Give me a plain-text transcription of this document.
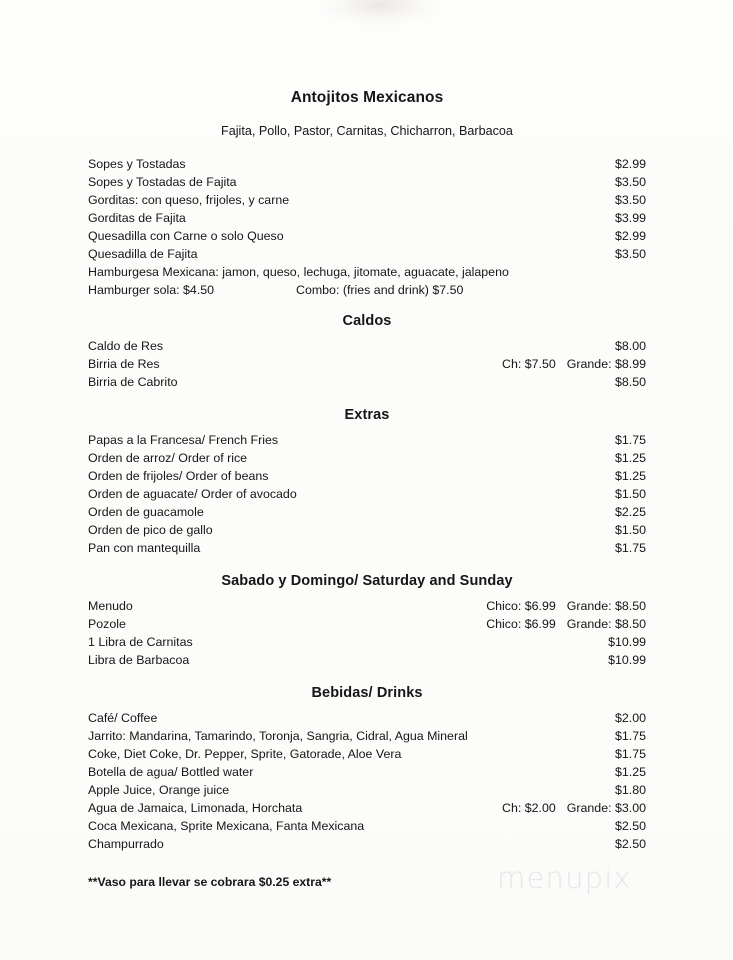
Antojitos Mexicanos
Fajita, Pollo, Pastor, Carnitas, Chicharron, Barbacoa
Sopes y Tostadas	$2.99
Sopes y Tostadas de Fajita	$3.50
Gorditas: con queso, frijoles, y carne	$3.50
Gorditas de Fajita	$3.99
Quesadilla con Carne o solo Queso	$2.99
Quesadilla de Fajita	$3.50
Hamburgesa Mexicana: jamon, queso, lechuga, jitomate, aguacate, jalapeno
Hamburger sola: $4.50	Combo: (fries and drink) $7.50
Caldos
Caldo de Res	$8.00
Birria de Res	Ch: $7.50 Grande: $8.99
Birria de Cabrito	$8.50
Extras
Papas a la Francesa/ French Fries	$1.75
Orden de arroz/ Order of rice	$1.25
Orden de frijoles/ Order of beans	$1.25
Orden de aguacate/ Order of avocado	$1.50
Orden de guacamole	$2.25
Orden de pico de gallo	$1.50
Pan con mantequilla	$1.75
Sabado y Domingo/ Saturday and Sunday
Menudo	Chico: $6.99 Grande: $8.50
Pozole	Chico: $6.99 Grande: $8.50
1 Libra de Carnitas	$10.99
Libra de Barbacoa	$10.99
Bebidas/ Drinks
Café/ Coffee	$2.00
Jarrito: Mandarina, Tamarindo, Toronja, Sangria, Cidral, Agua Mineral	$1.75
Coke, Diet Coke, Dr. Pepper, Sprite, Gatorade, Aloe Vera	$1.75
Botella de agua/ Bottled water	$1.25
Apple Juice, Orange juice	$1.80
Agua de Jamaica, Limonada, Horchata	Ch: $2.00 Grande: $3.00
Coca Mexicana, Sprite Mexicana, Fanta Mexicana	$2.50
Champurrado	$2.50
**Vaso para llevar se cobrara $0.25 extra**	menupix
